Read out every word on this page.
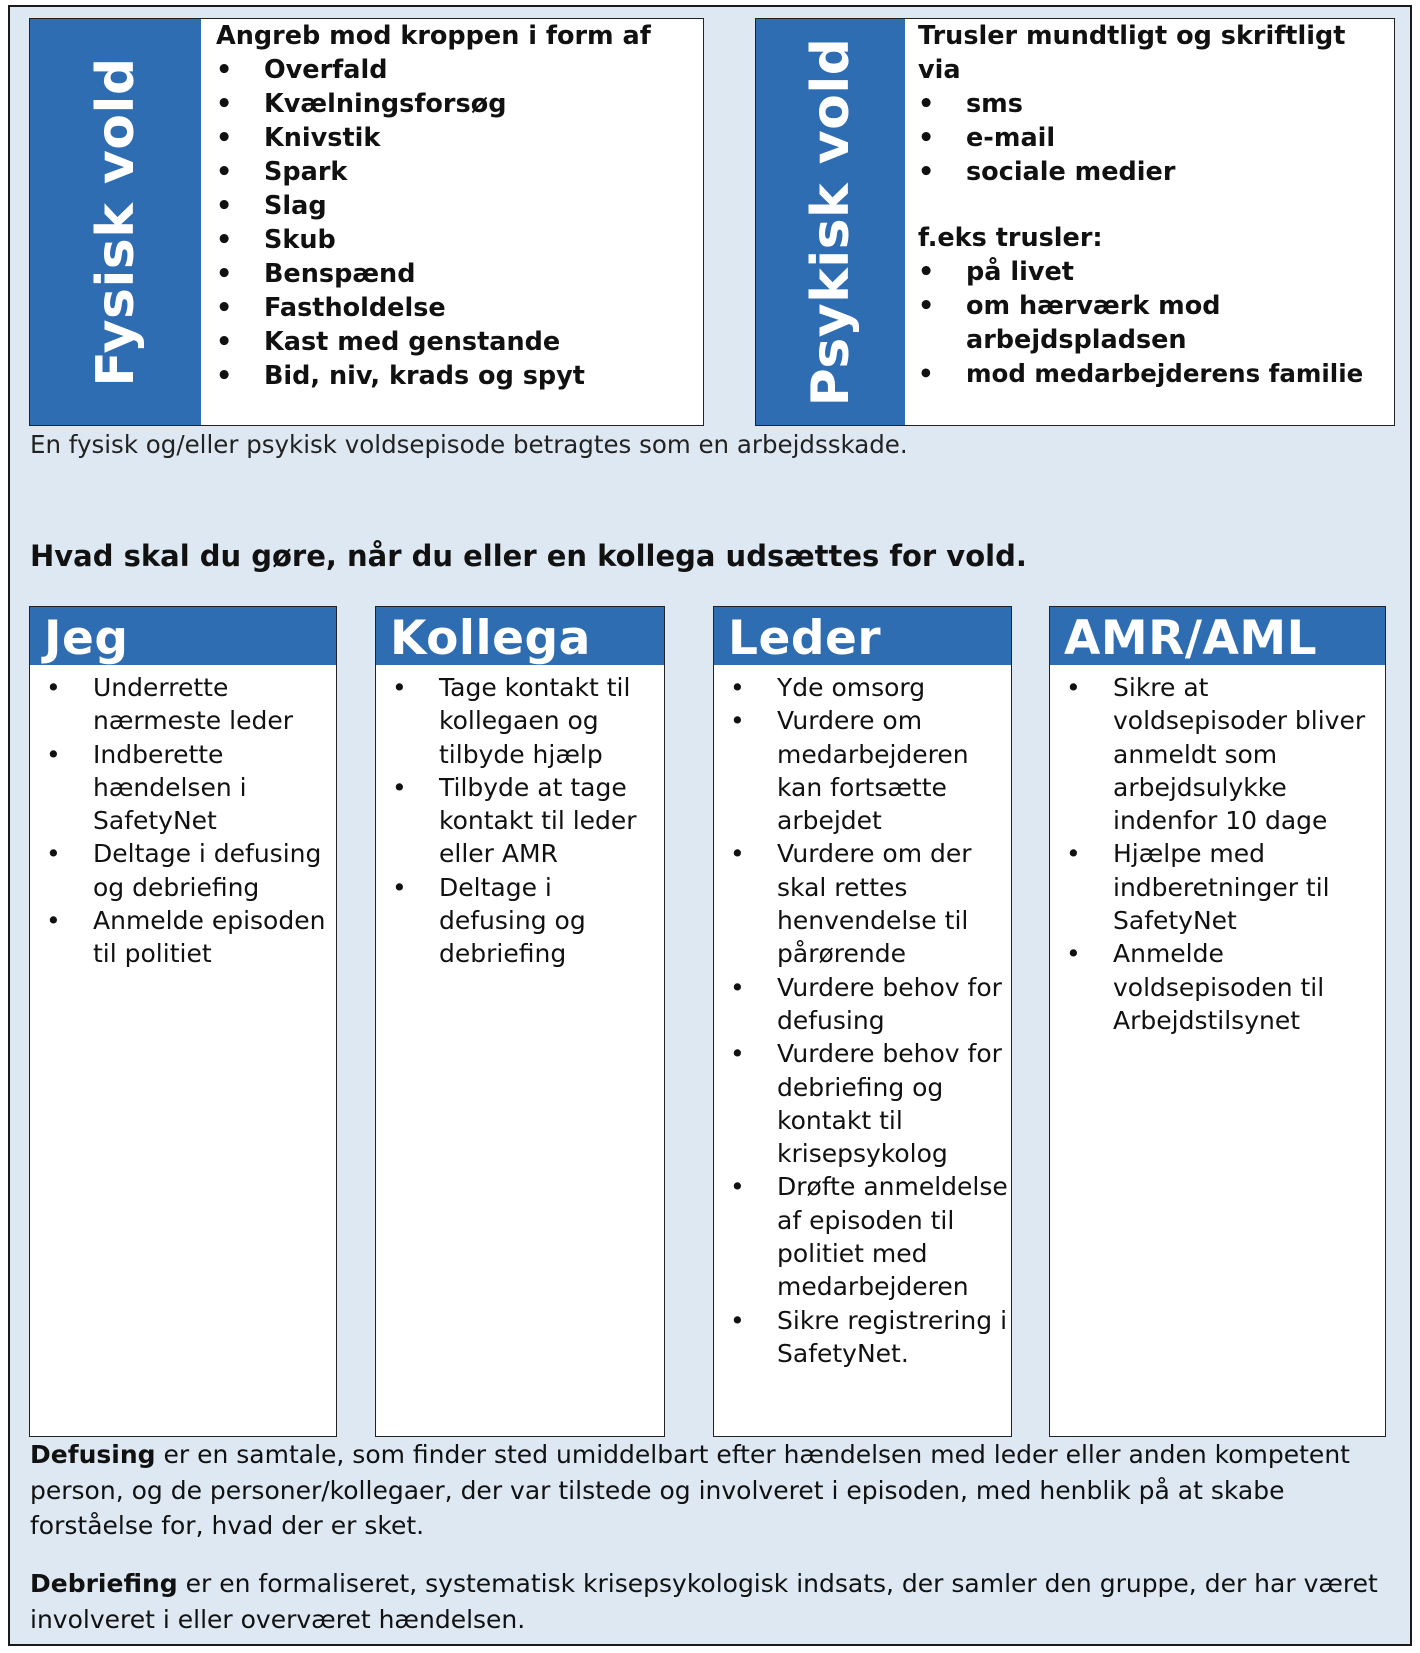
Fysisk vold

Angreb mod kroppen i form af

• Overfald
• Kvælningsforsøg
• Knivstik
• Spark
• Slag
• Skub
• Benspænd
• Fastholdelse
• Kast med genstande
• Bid, niv, krads og spyt	Psykisk vold

Trusler mundtligt og skriftligt via

• sms
• e-mail
• sociale medier

f.eks trusler:

• på livet
• om hærværk mod arbejdspladsen
• mod medarbejderens familie
En fysisk og/eller psykisk voldsepisode betragtes som en arbejdsskade.
Hvad skal du gøre, når du eller en kollega udsættes for vold.
Jeg
• Underrette nærmeste leder
• Indberette hændelsen i SafetyNet
• Deltage i defusing og debriefing
• Anmelde episoden til politiet
Kollega
• Tage kontakt til kollegaen og tilbyde hjælp
• Tilbyde at tage kontakt til leder eller AMR
• Deltage i defusing og debriefing
Leder
• Yde omsorg
• Vurdere om medarbejderen kan fortsætte arbejdet
• Vurdere om der skal rettes henvendelse til pårørende
• Vurdere behov for defusing
• Vurdere behov for debriefing og kontakt til krisepsykolog
• Drøfte anmeldelse af episoden til politiet med medarbejderen
• Sikre registrering i SafetyNet.
AMR/AML
• Sikre at voldsepisoder bliver anmeldt som arbejdsulykke indenfor 10 dage
• Hjælpe med indberetninger til SafetyNet
• Anmelde voldsepisoden til Arbejdstilsynet
Defusing er en samtale, som finder sted umiddelbart efter hændelsen med leder eller anden kompetent person, og de personer/kollegaer, der var tilstede og involveret i episoden, med henblik på at skabe forståelse for, hvad der er sket.
Debriefing er en formaliseret, systematisk krisepsykologisk indsats, der samler den gruppe, der har været involveret i eller overværet hændelsen.
